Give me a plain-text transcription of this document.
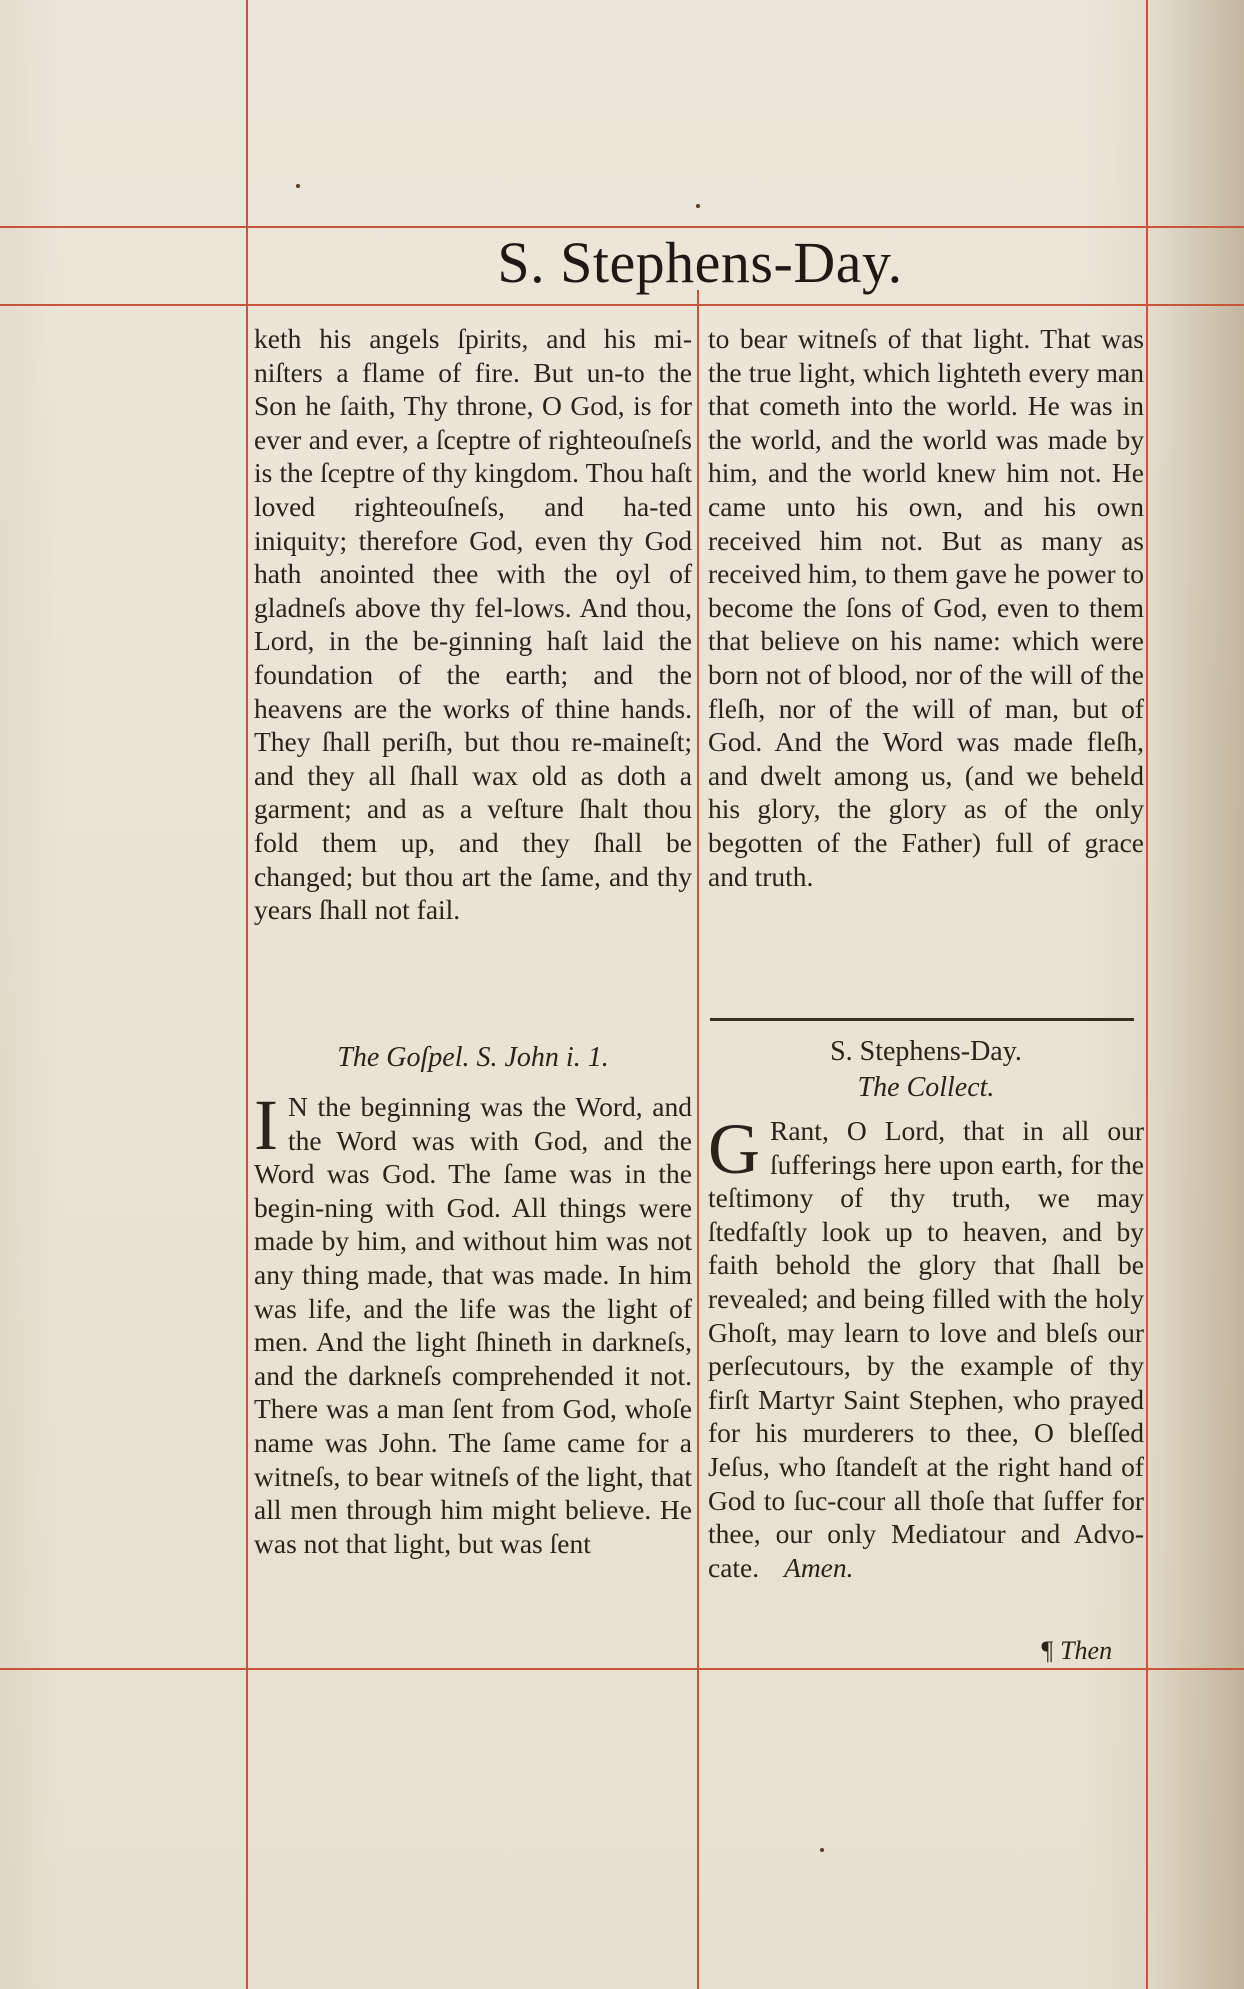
S. Stephens-Day.

keth his angels ſpirits, and his mi-niſters a flame of fire. But un-to the Son he ſaith, Thy throne, O God, is for ever and ever, a ſceptre of righteouſneſs is the ſceptre of thy kingdom. Thou haſt loved righteouſneſs, and ha-ted iniquity; therefore God, even thy God hath anointed thee with the oyl of gladneſs above thy fel-lows. And thou, Lord, in the be-ginning haſt laid the foundation of the earth; and the heavens are the works of thine hands. They ſhall periſh, but thou re-maineſt; and they all ſhall wax old as doth a garment; and as a veſture ſhalt thou fold them up, and they ſhall be changed; but thou art the ſame, and thy years ſhall not fail.

The Goſpel. S. John i. 1.

I N the beginning was the Word, and the Word was with God, and the Word was God. The ſame was in the begin-ning with God. All things were made by him, and without him was not any thing made, that was made. In him was life, and the life was the light of men. And the light ſhineth in darkneſs, and the darkneſs comprehended it not. There was a man ſent from God, whoſe name was John. The ſame came for a witneſs, to bear witneſs of the light, that all men through him might believe. He was not that light, but was ſent

to bear witneſs of that light. That was the true light, which lighteth every man that cometh into the world. He was in the world, and the world was made by him, and the world knew him not. He came unto his own, and his own received him not. But as many as received him, to them gave he power to become the ſons of God, even to them that believe on his name: which were born not of blood, nor of the will of the fleſh, nor of the will of man, but of God. And the Word was made fleſh, and dwelt among us, (and we beheld his glory, the glory as of the only begotten of the Father) full of grace and truth.

S. Stephens-Day.
The Collect.

G Rant, O Lord, that in all our ſufferings here upon earth, for the teſtimony of thy truth, we may ſtedfaſtly look up to heaven, and by faith behold the glory that ſhall be revealed; and being filled with the holy Ghoſt, may learn to love and bleſs our perſecutours, by the example of thy firſt Martyr Saint Stephen, who prayed for his murderers to thee, O bleſſed Jeſus, who ſtandeſt at the right hand of God to ſuc-cour all thoſe that ſuffer for thee, our only Mediatour and Advo-cate. Amen.

¶ Then
